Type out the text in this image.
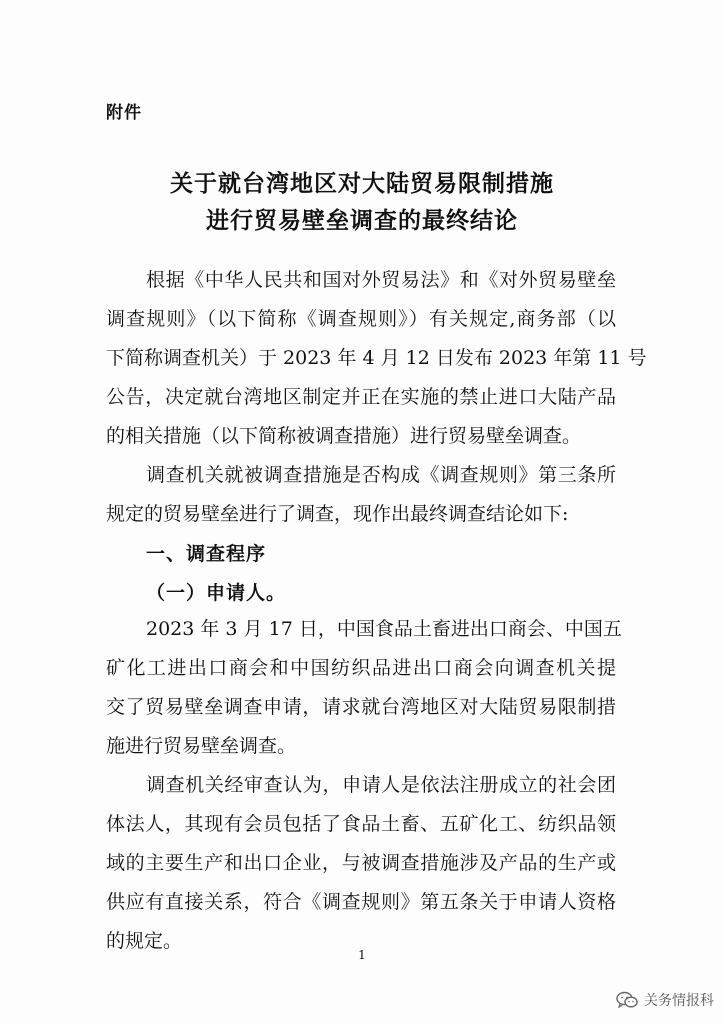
附件
关于就台湾地区对大陆贸易限制措施
进行贸易壁垒调查的最终结论
根据《中华人民共和国对外贸易法》和《对外贸易壁垒
调查规则》（以下简称《调查规则》）有关规定,商务部（以
下简称调查机关）于 2023 年 4 月 12 日发布 2023 年第 11 号
公告，决定就台湾地区制定并正在实施的禁止进口大陆产品
的相关措施（以下简称被调查措施）进行贸易壁垒调查。
调查机关就被调查措施是否构成《调查规则》第三条所
规定的贸易壁垒进行了调查，现作出最终调查结论如下:
一、调查程序
（一）申请人。
2023 年 3 月 17 日，中国食品土畜进出口商会、中国五
矿化工进出口商会和中国纺织品进出口商会向调查机关提
交了贸易壁垒调查申请，请求就台湾地区对大陆贸易限制措
施进行贸易壁垒调查。
调查机关经审查认为，申请人是依法注册成立的社会团
体法人，其现有会员包括了食品土畜、五矿化工、纺织品领
域的主要生产和出口企业，与被调查措施涉及产品的生产或
供应有直接关系，符合《调查规则》第五条关于申请人资格
的规定。
1
关务情报科
